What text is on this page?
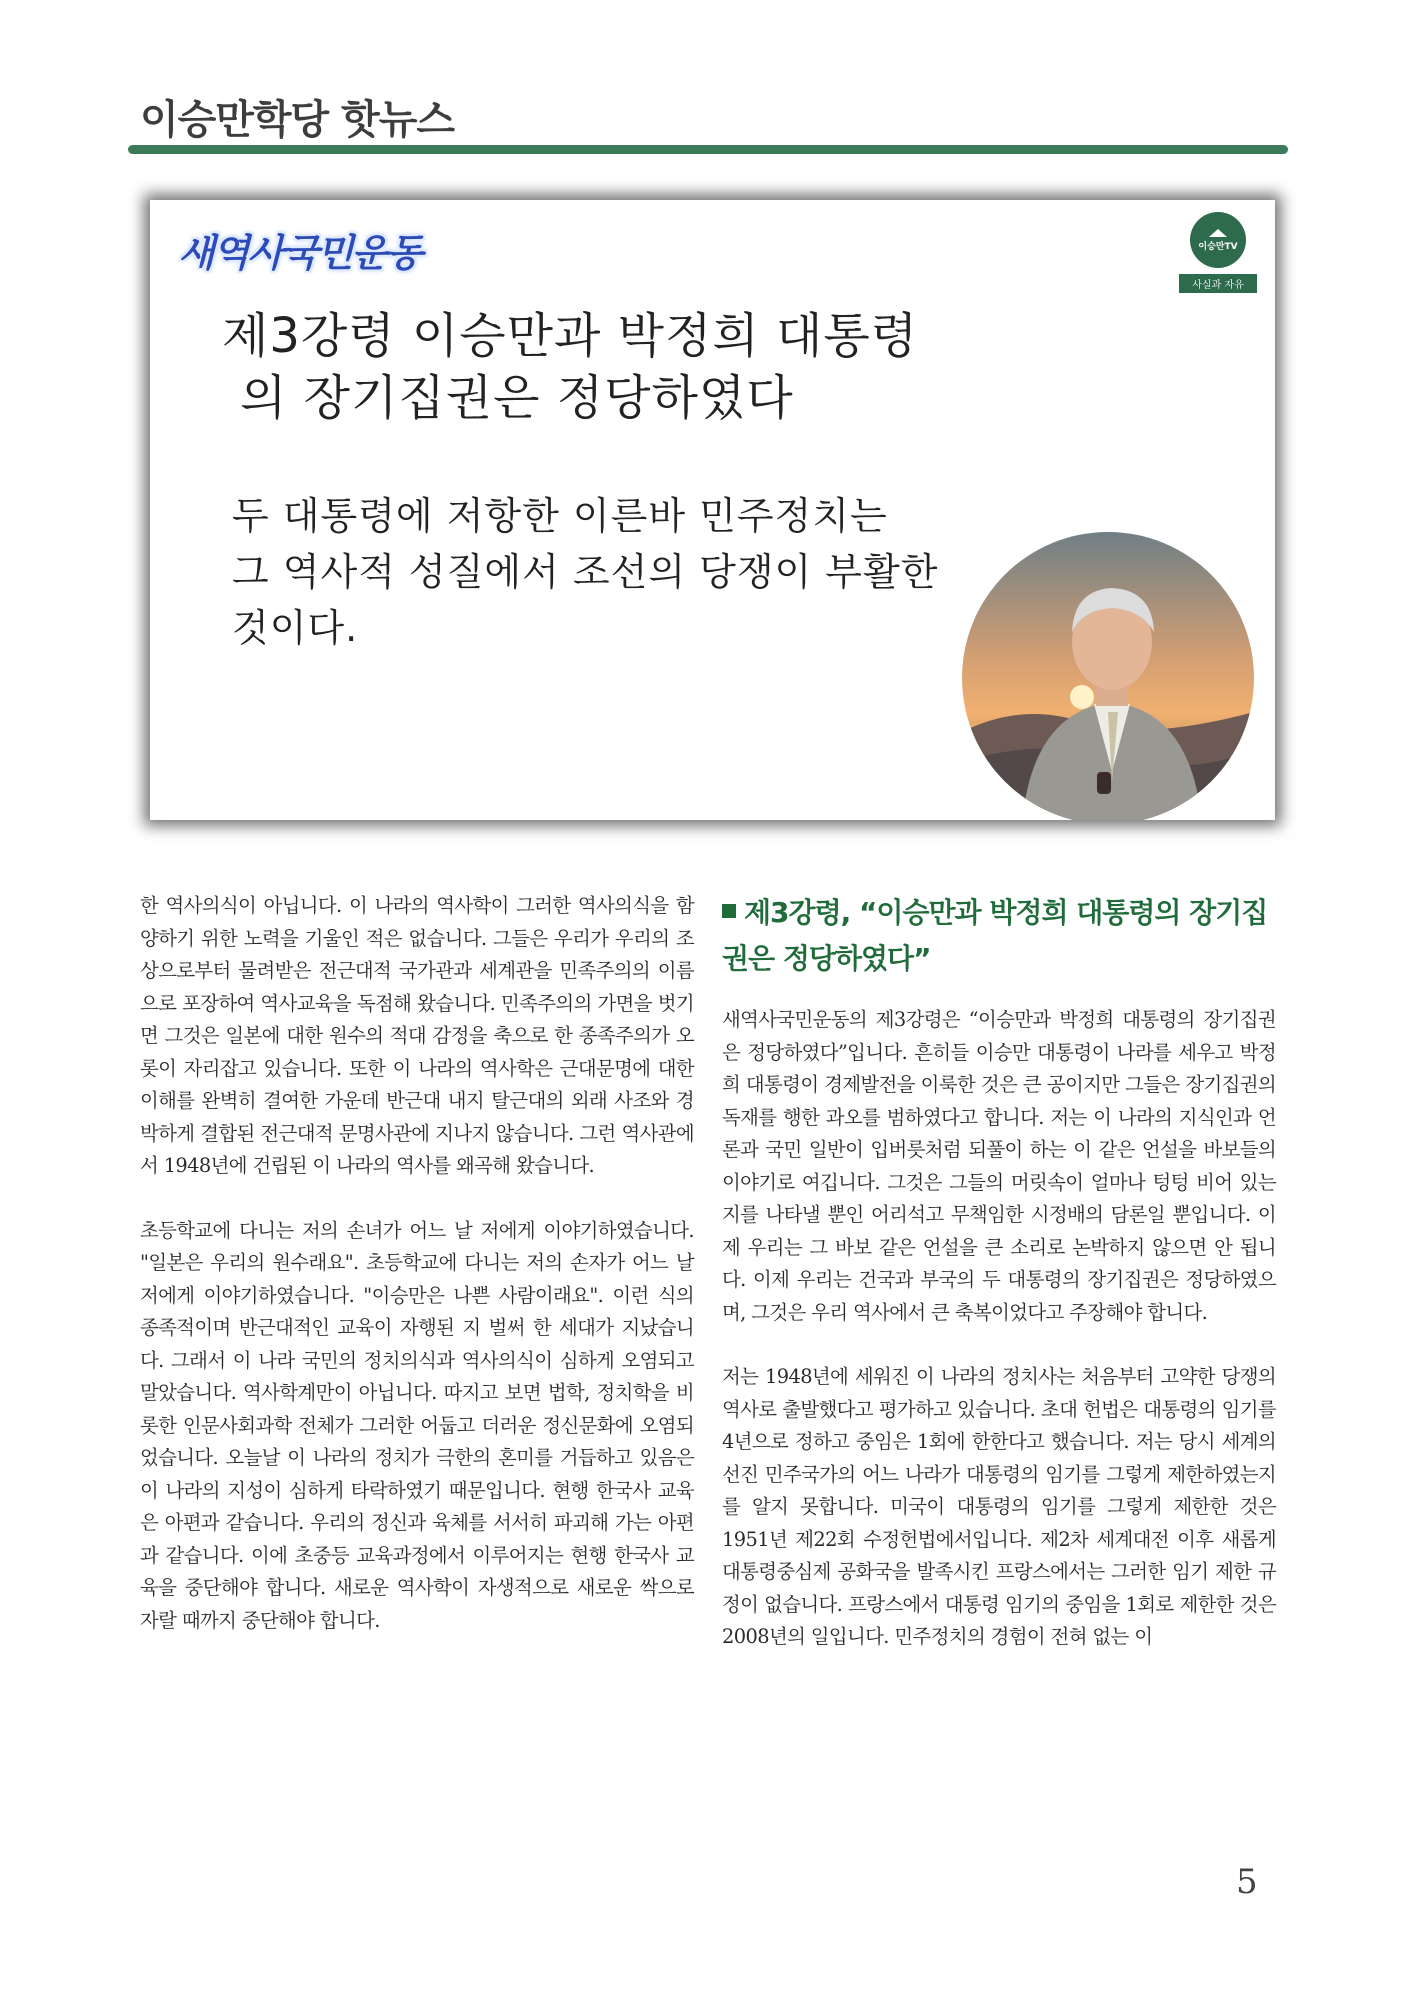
이승만학당 핫뉴스
새역사국민운동	이승만TV
사실과 자유
제3강령 이승만과 박정희 대통령
의 장기집권은 정당하였다
두 대통령에 저항한 이른바 민주정치는
그 역사적 성질에서 조선의 당쟁이 부활한
것이다.

한 역사의식이 아닙니다. 이 나라의 역사학이 그러한 역사의식을 함양하기 위한 노력을 기울인 적은 없습니다. 그들은 우리가 우리의 조상으로부터 물려받은 전근대적 국가관과 세계관을 민족주의의 이름으로 포장하여 역사교육을 독점해 왔습니다. 민족주의의 가면을 벗기면 그것은 일본에 대한 원수의 적대 감정을 축으로 한 종족주의가 오롯이 자리잡고 있습니다. 또한 이 나라의 역사학은 근대문명에 대한 이해를 완벽히 결여한 가운데 반근대 내지 탈근대의 외래 사조와 경박하게 결합된 전근대적 문명사관에 지나지 않습니다. 그런 역사관에서 1948년에 건립된 이 나라의 역사를 왜곡해 왔습니다.

초등학교에 다니는 저의 손녀가 어느 날 저에게 이야기하였습니다. "일본은 우리의 원수래요". 초등학교에 다니는 저의 손자가 어느 날 저에게 이야기하였습니다. "이승만은 나쁜 사람이래요". 이런 식의 종족적이며 반근대적인 교육이 자행된 지 벌써 한 세대가 지났습니다. 그래서 이 나라 국민의 정치의식과 역사의식이 심하게 오염되고 말았습니다. 역사학계만이 아닙니다. 따지고 보면 법학, 정치학을 비롯한 인문사회과학 전체가 그러한 어둡고 더러운 정신문화에 오염되었습니다. 오늘날 이 나라의 정치가 극한의 혼미를 거듭하고 있음은 이 나라의 지성이 심하게 타락하였기 때문입니다. 현행 한국사 교육은 아편과 같습니다. 우리의 정신과 육체를 서서히 파괴해 가는 아편과 같습니다. 이에 초중등 교육과정에서 이루어지는 현행 한국사 교육을 중단해야 합니다. 새로운 역사학이 자생적으로 새로운 싹으로 자랄 때까지 중단해야 합니다.

제3강령, “이승만과 박정희 대통령의 장기집권은 정당하였다”

새역사국민운동의 제3강령은 “이승만과 박정희 대통령의 장기집권은 정당하였다”입니다. 흔히들 이승만 대통령이 나라를 세우고 박정희 대통령이 경제발전을 이룩한 것은 큰 공이지만 그들은 장기집권의 독재를 행한 과오를 범하였다고 합니다. 저는 이 나라의 지식인과 언론과 국민 일반이 입버릇처럼 되풀이 하는 이 같은 언설을 바보들의 이야기로 여깁니다. 그것은 그들의 머릿속이 얼마나 텅텅 비어 있는지를 나타낼 뿐인 어리석고 무책임한 시정배의 담론일 뿐입니다. 이제 우리는 그 바보 같은 언설을 큰 소리로 논박하지 않으면 안 됩니다. 이제 우리는 건국과 부국의 두 대통령의 장기집권은 정당하였으며, 그것은 우리 역사에서 큰 축복이었다고 주장해야 합니다.

저는 1948년에 세워진 이 나라의 정치사는 처음부터 고약한 당쟁의 역사로 출발했다고 평가하고 있습니다. 초대 헌법은 대통령의 임기를 4년으로 정하고 중임은 1회에 한한다고 했습니다. 저는 당시 세계의 선진 민주국가의 어느 나라가 대통령의 임기를 그렇게 제한하였는지를 알지 못합니다. 미국이 대통령의 임기를 그렇게 제한한 것은 1951년 제22회 수정헌법에서입니다. 제2차 세계대전 이후 새롭게 대통령중심제 공화국을 발족시킨 프랑스에서는 그러한 임기 제한 규정이 없습니다. 프랑스에서 대통령 임기의 중임을 1회로 제한한 것은 2008년의 일입니다. 민주정치의 경험이 전혀 없는 이

5
